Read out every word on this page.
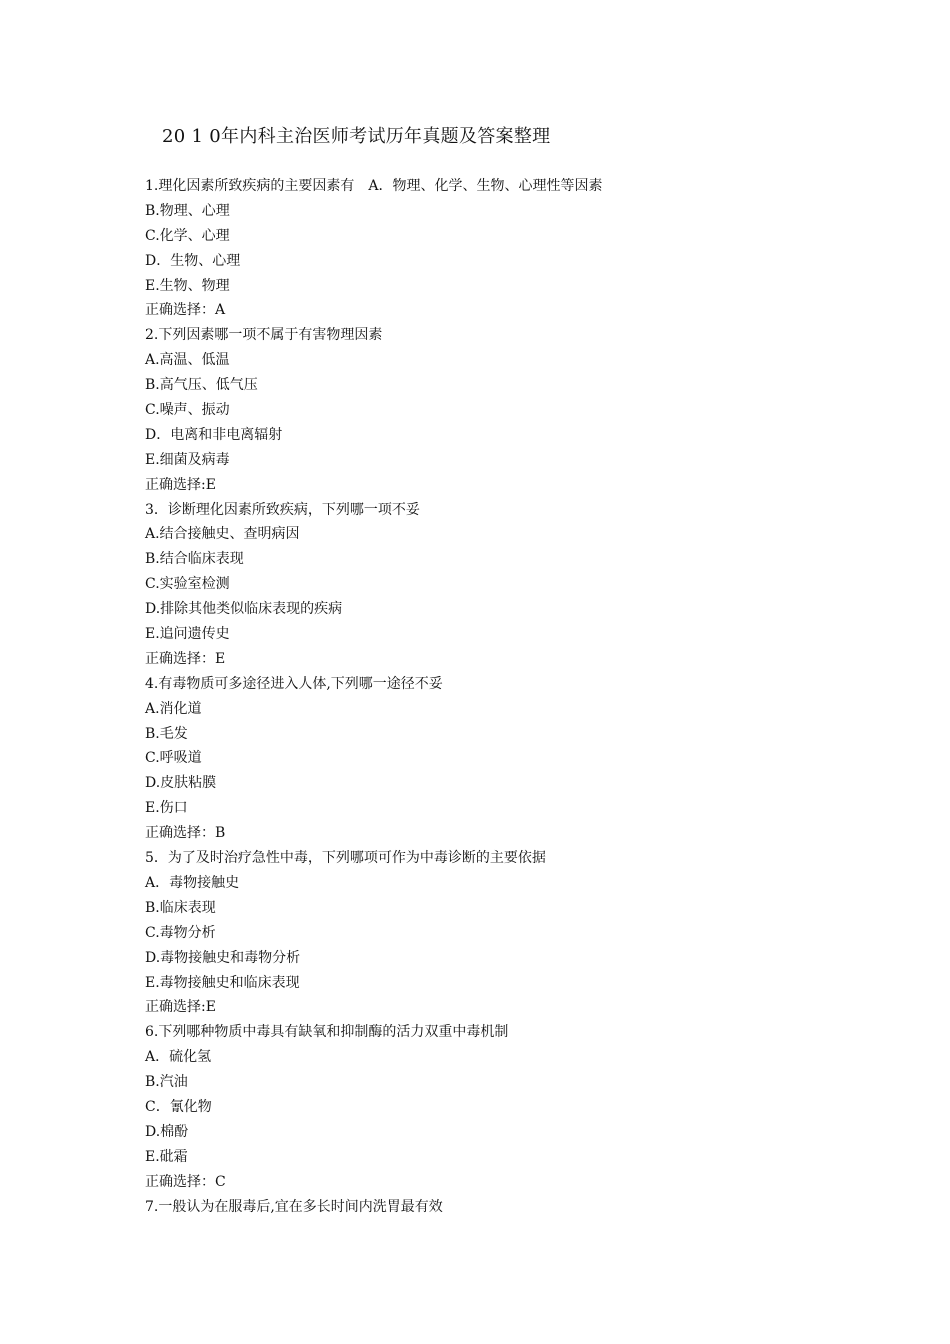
20 1 0年内科主治医师考试历年真题及答案整理
1.理化因素所致疾病的主要因素有　A．物理、化学、生物、心理性等因素
B.物理、心理
C.化学、心理
D．生物、心理
E.生物、物理
正确选择：A
2.下列因素哪一项不属于有害物理因素
A.高温、低温
B.高气压、低气压
C.噪声、振动
D．电离和非电离辐射
E.细菌及病毒
正确选择:E
3．诊断理化因素所致疾病，下列哪一项不妥
A.结合接触史、查明病因
B.结合临床表现
C.实验室检测
D.排除其他类似临床表现的疾病
E.追问遗传史
正确选择：E
4.有毒物质可多途径进入人体,下列哪一途径不妥
A.消化道
B.毛发
C.呼吸道
D.皮肤粘膜
E.伤口
正确选择：B
5．为了及时治疗急性中毒，下列哪项可作为中毒诊断的主要依据
A．毒物接触史
B.临床表现
C.毒物分析
D.毒物接触史和毒物分析
E.毒物接触史和临床表现
正确选择:E
6.下列哪种物质中毒具有缺氧和抑制酶的活力双重中毒机制
A．硫化氢
B.汽油
C．氰化物
D.棉酚
E.砒霜
正确选择：C
7.一般认为在服毒后,宜在多长时间内洗胃最有效
